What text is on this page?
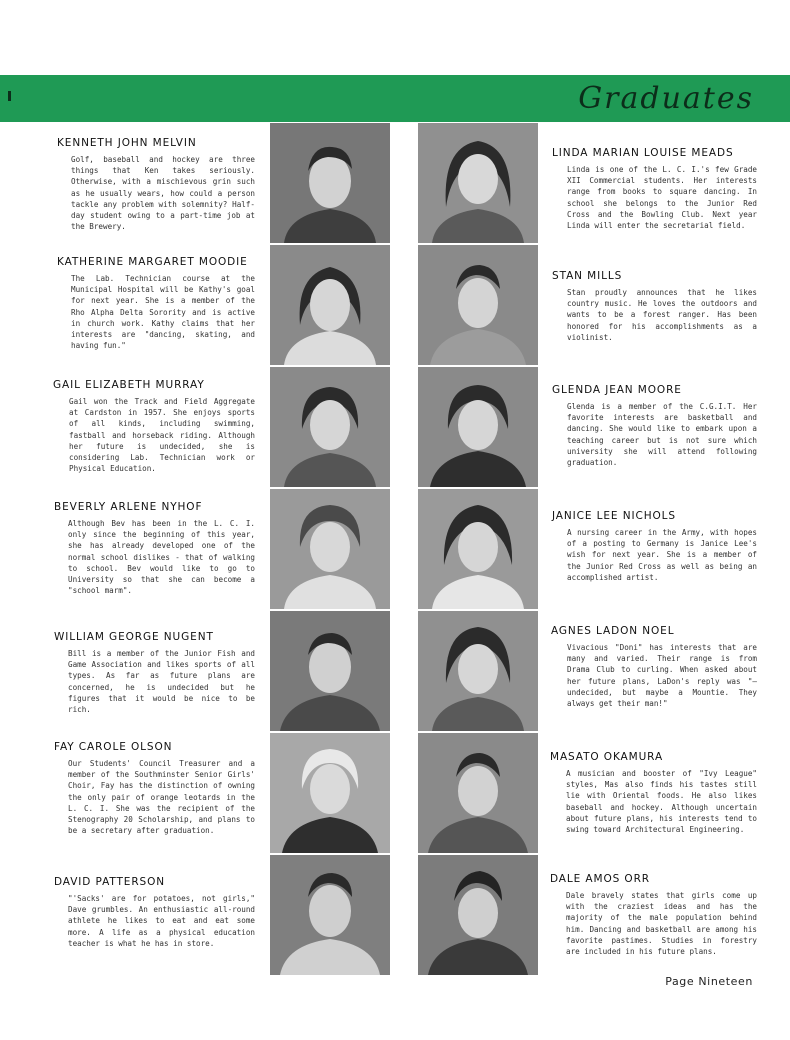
Graduates
KENNETH JOHN MELVIN
Golf, baseball and hockey are three things that Ken takes seriously. Otherwise, with a mischievous grin such as he usually wears, how could a person tackle any problem with solemnity? Half-day student owing to a part-time job at the Brewery.
KATHERINE MARGARET MOODIE
The Lab. Technician course at the Municipal Hospital will be Kathy's goal for next year. She is a member of the Rho Alpha Delta Sorority and is active in church work. Kathy claims that her interests are "dancing, skating, and having fun."
GAIL ELIZABETH MURRAY
Gail won the Track and Field Aggregate at Cardston in 1957. She enjoys sports of all kinds, including swimming, fastball and horseback riding. Although her future is undecided, she is considering Lab. Technician work or Physical Education.
BEVERLY ARLENE NYHOF
Although Bev has been in the L. C. I. only since the beginning of this year, she has already developed one of the normal school dislikes - that of walking to school. Bev would like to go to University so that she can become a "school marm".
WILLIAM GEORGE NUGENT
Bill is a member of the Junior Fish and Game Association and likes sports of all types. As far as future plans are concerned, he is undecided but he figures that it would be nice to be rich.
FAY CAROLE OLSON
Our Students' Council Treasurer and a member of the Southminster Senior Girls' Choir, Fay has the distinction of owning the only pair of orange leotards in the L. C. I. She was the recipient of the Stenography 20 Scholarship, and plans to be a secretary after graduation.
DAVID PATTERSON
"'Sacks' are for potatoes, not girls," Dave grumbles. An enthusiastic all-round athlete he likes to eat and eat some more. A life as a physical education teacher is what he has in store.
LINDA MARIAN LOUISE MEADS
Linda is one of the L. C. I.'s few Grade XII Commercial students. Her interests range from books to square dancing. In school she belongs to the Junior Red Cross and the Bowling Club. Next year Linda will enter the secretarial field.
STAN MILLS
Stan proudly announces that he likes country music. He loves the outdoors and wants to be a forest ranger. Has been honored for his accomplishments as a violinist.
GLENDA JEAN MOORE
Glenda is a member of the C.G.I.T. Her favorite interests are basketball and dancing. She would like to embark upon a teaching career but is not sure which university she will attend following graduation.
JANICE LEE NICHOLS
A nursing career in the Army, with hopes of a posting to Germany is Janice Lee's wish for next year. She is a member of the Junior Red Cross as well as being an accomplished artist.
AGNES LADON NOEL
Vivacious "Doni" has interests that are many and varied. Their range is from Drama Club to curling. When asked about her future plans, LaDon's reply was "— undecided, but maybe a Mountie. They always get their man!"
MASATO OKAMURA
A musician and booster of "Ivy League" styles, Mas also finds his tastes still lie with Oriental foods. He also likes baseball and hockey. Although uncertain about future plans, his interests tend to swing toward Architectural Engineering.
DALE AMOS ORR
Dale bravely states that girls come up with the craziest ideas and has the majority of the male population behind him. Dancing and basketball are among his favorite pastimes. Studies in forestry are included in his future plans.
Page Nineteen
